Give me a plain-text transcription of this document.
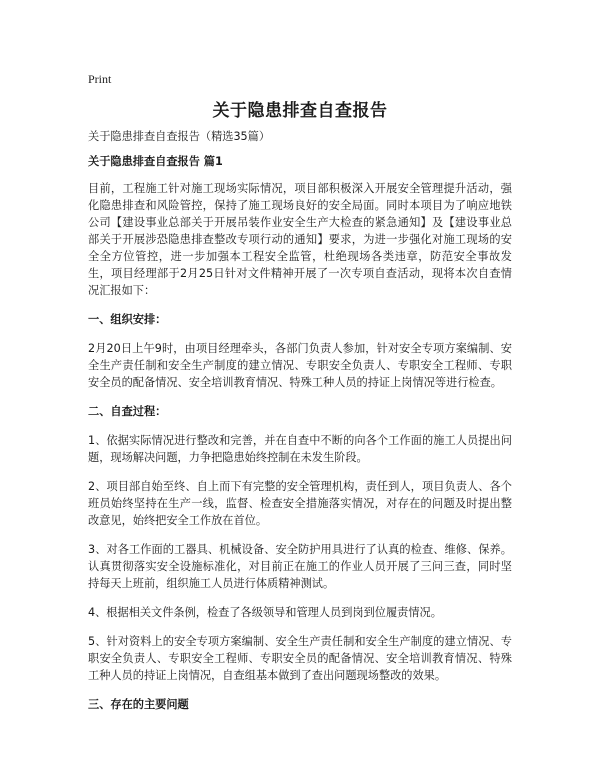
Print
关于隐患排查自查报告

关于隐患排查自查报告（精选35篇）

关于隐患排查自查报告 篇1

目前，工程施工针对施工现场实际情况，项目部积极深入开展安全管理提升活动，强化隐患排查和风险管控，保持了施工现场良好的安全局面。同时本项目为了响应地铁公司【建设事业总部关于开展吊装作业安全生产大检查的紧急通知】及【建设事业总部关于开展涉恐隐患排查整改专项行动的通知】要求，为进一步强化对施工现场的安全全方位管控，进一步加强本工程安全监管，杜绝现场各类违章，防范安全事故发生，项目经理部于2月25日针对文件精神开展了一次专项自查活动，现将本次自查情况汇报如下：

一、组织安排：

2月20日上午9时，由项目经理牵头，各部门负责人参加，针对安全专项方案编制、安全生产责任制和安全生产制度的建立情况、专职安全负责人、专职安全工程师、专职安全员的配备情况、安全培训教育情况、特殊工种人员的持证上岗情况等进行检查。

二、自查过程：

1、依据实际情况进行整改和完善，并在自查中不断的向各个工作面的施工人员提出问题，现场解决问题，力争把隐患始终控制在未发生阶段。

2、项目部自始至终、自上而下有完整的安全管理机构，责任到人，项目负责人、各个班员始终坚持在生产一线，监督、检查安全措施落实情况，对存在的问题及时提出整改意见，始终把安全工作放在首位。

3、对各工作面的工器具、机械设备、安全防护用具进行了认真的检查、维修、保养。认真贯彻落实安全设施标准化，对目前正在施工的作业人员开展了三问三查，同时坚持每天上班前，组织施工人员进行体质精神测试。

4、根据相关文件条例，检查了各级领导和管理人员到岗到位履责情况。

5、针对资料上的安全专项方案编制、安全生产责任制和安全生产制度的建立情况、专职安全负责人、专职安全工程师、专职安全员的配备情况、安全培训教育情况、特殊工种人员的持证上岗情况，自查组基本做到了查出问题现场整改的效果。

三、存在的主要问题
